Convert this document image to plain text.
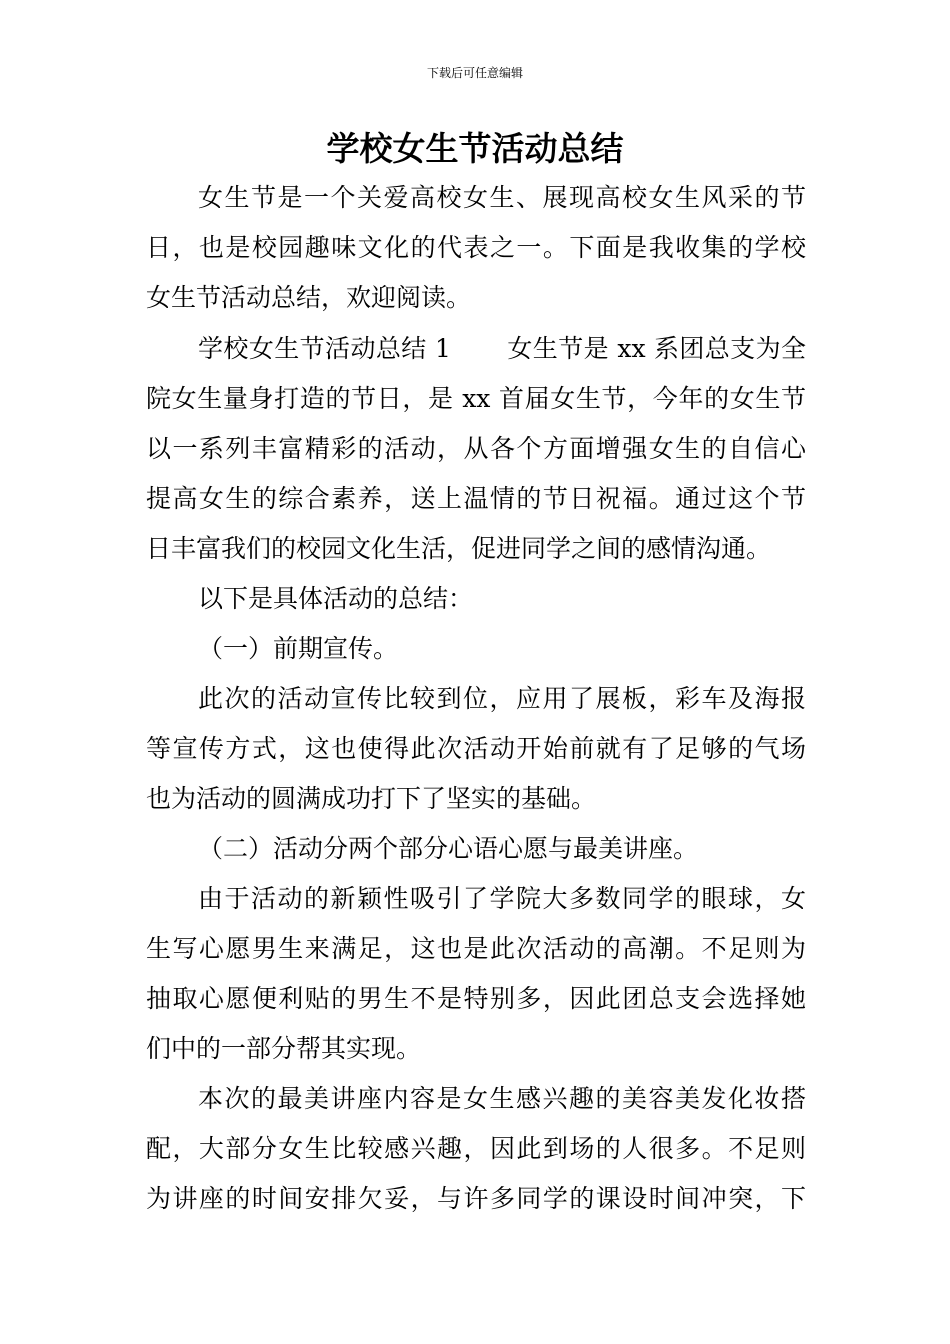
下载后可任意编辑
学校女生节活动总结
女生节是一个关爱高校女生、展现高校女生风采的节
日，也是校园趣味文化的代表之一。下面是我收集的学校
女生节活动总结，欢迎阅读。
学校女生节活动总结 1 女生节是 xx 系团总支为全
院女生量身打造的节日，是 xx 首届女生节，今年的女生节
以一系列丰富精彩的活动，从各个方面增强女生的自信心
提高女生的综合素养，送上温情的节日祝福。通过这个节
日丰富我们的校园文化生活，促进同学之间的感情沟通。
以下是具体活动的总结：
（一）前期宣传。
此次的活动宣传比较到位，应用了展板，彩车及海报
等宣传方式，这也使得此次活动开始前就有了足够的气场
也为活动的圆满成功打下了坚实的基础。
（二）活动分两个部分心语心愿与最美讲座。
由于活动的新颖性吸引了学院大多数同学的眼球，女
生写心愿男生来满足，这也是此次活动的高潮。不足则为
抽取心愿便利贴的男生不是特别多，因此团总支会选择她
们中的一部分帮其实现。
本次的最美讲座内容是女生感兴趣的美容美发化妆搭
配，大部分女生比较感兴趣，因此到场的人很多。不足则
为讲座的时间安排欠妥，与许多同学的课设时间冲突，下
